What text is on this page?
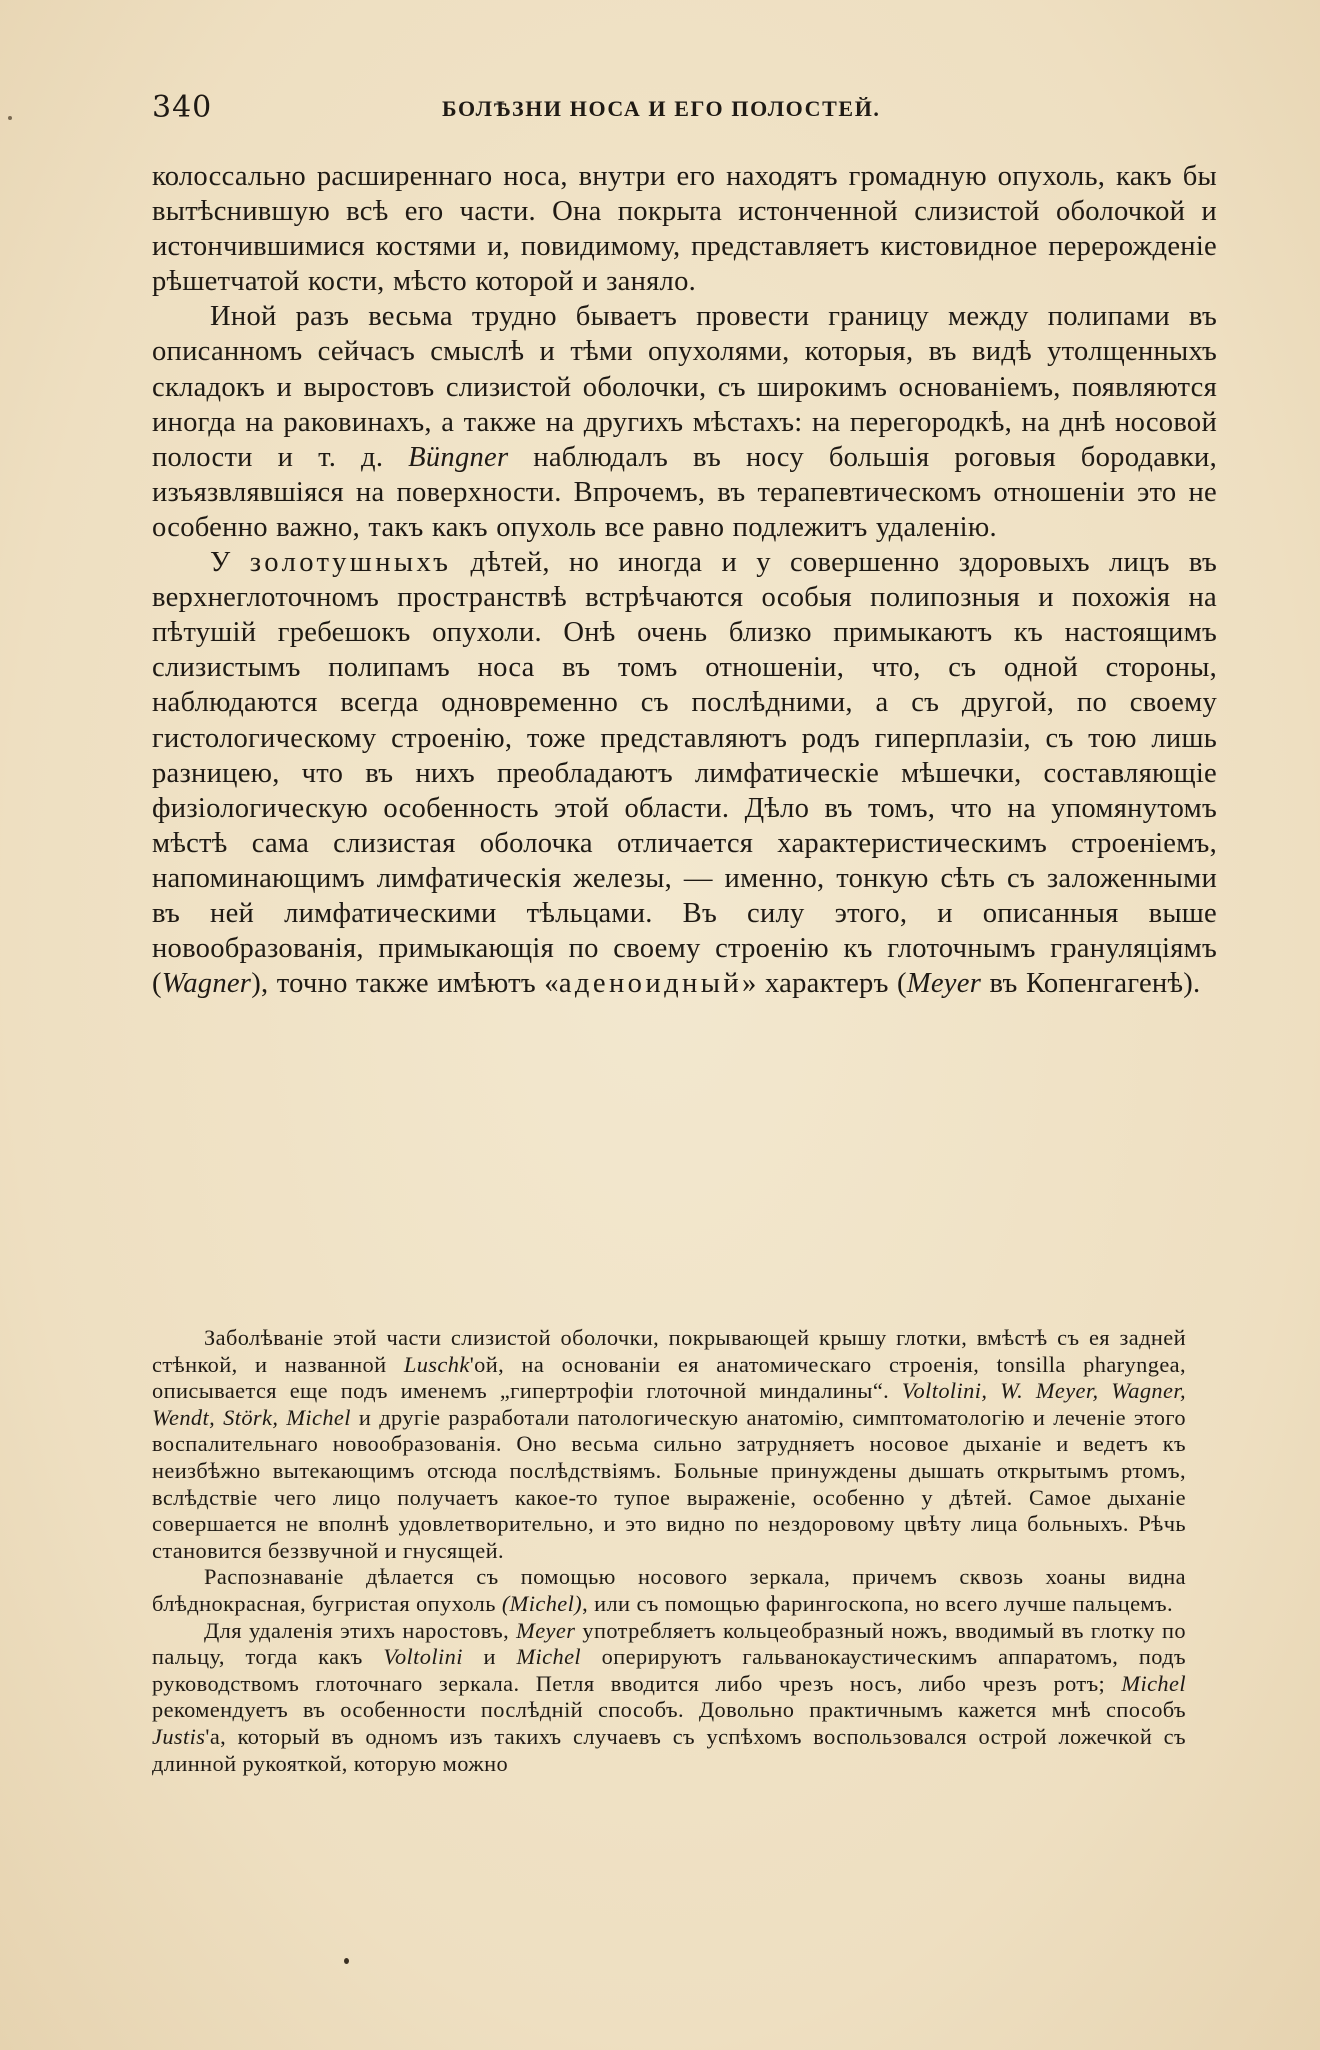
340	БОЛѢЗНИ НОСА И ЕГО ПОЛОСТЕЙ.

колоссально расширеннаго носа, внутри его находятъ громадную опухоль, какъ бы вытѣснившую всѣ его части. Она покрыта истонченной слизистой оболочкой и истончившимися костями и, повидимому, представляетъ кистовидное перерожденіе рѣшетчатой кости, мѣсто которой и заняло.

Иной разъ весьма трудно бываетъ провести границу между полипами въ описанномъ сейчасъ смыслѣ и тѣми опухолями, которыя, въ видѣ утолщенныхъ складокъ и выростовъ слизистой оболочки, съ широкимъ основаніемъ, появляются иногда на раковинахъ, а также на другихъ мѣстахъ: на перегородкѣ, на днѣ носовой полости и т. д. Büngner наблюдалъ въ носу большія роговыя бородавки, изъязвлявшіяся на поверхности. Впрочемъ, въ терапевтическомъ отношеніи это не особенно важно, такъ какъ опухоль все равно подлежитъ удаленію.

У золотушныхъ дѣтей, но иногда и у совершенно здоровыхъ лицъ въ верхнеглоточномъ пространствѣ встрѣчаются особыя полипозныя и похожія на пѣтушій гребешокъ опухоли. Онѣ очень близко примыкаютъ къ настоящимъ слизистымъ полипамъ носа въ томъ отношеніи, что, съ одной стороны, наблюдаются всегда одновременно съ послѣдними, а съ другой, по своему гистологическому строенію, тоже представляютъ родъ гиперплазіи, съ тою лишь разницею, что въ нихъ преобладаютъ лимфатическіе мѣшечки, составляющіе физіологическую особенность этой области. Дѣло въ томъ, что на упомянутомъ мѣстѣ сама слизистая оболочка отличается характеристическимъ строеніемъ, напоминающимъ лимфатическія железы, — именно, тонкую сѣть съ заложенными въ ней лимфатическими тѣльцами. Въ силу этого, и описанныя выше новообразованія, примыкающія по своему строенію къ глоточнымъ грануляціямъ (Wagner), точно также имѣютъ «аденоидный» характеръ (Meyer въ Копенгагенѣ).

Заболѣваніе этой части слизистой оболочки, покрывающей крышу глотки, вмѣстѣ съ ея задней стѣнкой, и названной Luschk'ой, на основаніи ея анатомическаго строенія, tonsilla pharyngea, описывается еще подъ именемъ „гипертрофіи глоточной миндалины“. Voltolini, W. Meyer, Wagner, Wendt, Störk, Michel и другіе разработали патологическую анатомію, симптоматологію и леченіе этого воспалительнаго новообразованія. Оно весьма сильно затрудняетъ носовое дыханіе и ведетъ къ неизбѣжно вытекающимъ отсюда послѣдствіямъ. Больные принуждены дышать открытымъ ртомъ, вслѣдствіе чего лицо получаетъ какое-то тупое выраженіе, особенно у дѣтей. Самое дыханіе совершается не вполнѣ удовлетворительно, и это видно по нездоровому цвѣту лица больныхъ. Рѣчь становится беззвучной и гнусящей.

Распознаваніе дѣлается съ помощью носового зеркала, причемъ сквозь хоаны видна блѣднокрасная, бугристая опухоль (Michel), или съ помощью фарингоскопа, но всего лучше пальцемъ.

Для удаленія этихъ наростовъ, Meyer употребляетъ кольцеобразный ножъ, вводимый въ глотку по пальцу, тогда какъ Voltolini и Michel оперируютъ гальванокаустическимъ аппаратомъ, подъ руководствомъ глоточнаго зеркала. Петля вводится либо чрезъ носъ, либо чрезъ ротъ; Michel рекомендуетъ въ особенности послѣдній способъ. Довольно практичнымъ кажется мнѣ способъ Justis'а, который въ одномъ изъ такихъ случаевъ съ успѣхомъ воспользовался острой ложечкой съ длинной рукояткой, которую можно
